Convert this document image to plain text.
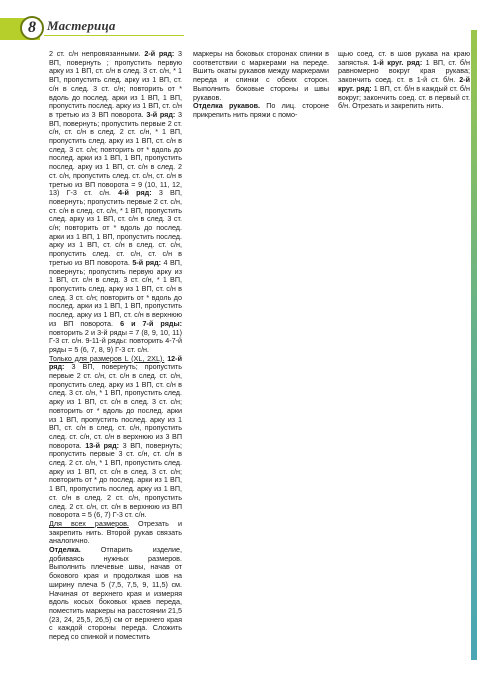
8 Мастерица

2 ст. с/н непровязанными. 2-й ряд: 3 ВП, повернуть ; пропустить первую арку из 1 ВП, ст. с/н в след. 3 ст. с/н, * 1 ВП, пропустить след. арку из 1 ВП, ст. с/н в след. 3 ст. с/н; повторить от * вдоль до послед. арки из 1 ВП, 1 ВП, пропустить послед. арку из 1 ВП, ст. с/н в третью из 3 ВП поворота. 3-й ряд: 3 ВП, повернуть; пропустить первые 2 ст. с/н, ст. с/н в след. 2 ст. с/н, * 1 ВП, пропустить след. арку из 1 ВП, ст. с/н в след. 3 ст. с/н; повторить от * вдоль до послед. арки из 1 ВП, 1 ВП, пропустить послед. арку из 1 ВП, ст. с/н в след. 2 ст. с/н, пропустить след. ст. с/н, ст. с/н в третью из ВП поворота = 9 (10, 11, 12, 13) Г-3 ст. с/н. 4-й ряд: 3 ВП, повернуть; пропустить первые 2 ст. с/н, ст. с/н в след. ст. с/н, * 1 ВП, пропустить след. арку из 1 ВП, ст. с/н в след. 3 ст. с/н; повторить от * вдоль до послед. арки из 1 ВП, 1 ВП, пропустить послед. арку из 1 ВП, ст. с/н в след. ст. с/н, пропустить след. ст. с/н, ст. с/н в третью из ВП поворота. 5-й ряд: 4 ВП, повернуть; пропустить первую арку из 1 ВП, ст. с/н в след. 3 ст. с/н, * 1 ВП, пропустить след. арку из 1 ВП, ст. с/н в след. 3 ст. с/н; повторить от * вдоль до послед. арки из 1 ВП, 1 ВП, пропустить послед. арку из 1 ВП, ст. с/н в верхнюю из ВП поворота. 6 и 7-й ряды: повторить 2 и 3-й ряды = 7 (8, 9, 10, 11) Г-3 ст. с/н. 9-11-й ряды: повторить 4-7-й ряды = 5 (6, 7, 8, 9) Г-3 ст. с/н.

Только для размеров L (XL, 2XL). 12-й ряд: 3 ВП, повернуть; пропустить первые 2 ст. с/н, ст. с/н в след. ст. с/н, пропустить след. арку из 1 ВП, ст. с/н в след. 3 ст. с/н, * 1 ВП, пропустить след. арку из 1 ВП, ст. с/н в след. 3 ст. с/н; повторить от * вдоль до послед. арки из 1 ВП, пропустить послед. арку из 1 ВП, ст. с/н в след. ст. с/н, пропустить след. ст. с/н, ст. с/н в верхнюю из 3 ВП поворота. 13-й ряд: 3 ВП, повернуть; пропустить первые 3 ст. с/н, ст. с/н в след. 2 ст. с/н, * 1 ВП, пропустить след. арку из 1 ВП, ст. с/н в след. 3 ст. с/н; повторить от * до послед. арки из 1 ВП, 1 ВП, пропустить послед. арку из 1 ВП, ст. с/н в след. 2 ст. с/н, пропустить след. 2 ст. с/н, ст. с/н в верхнюю из ВП поворота = 5 (6, 7) Г-3 ст. с/н.

Для всех размеров. Отрезать и закрепить нить. Второй рукав связать аналогично.

Отделка. Отпарить изделие, добиваясь нужных размеров. Выполнить плечевые швы, начав от бокового края и продолжая шов на ширину плеча 5 (7,5, 7,5, 9, 11,5) см. Начиная от верхнего края и измеряя вдоль косых боковых краев переда, поместить маркеры на расстоянии 21,5 (23, 24, 25,5, 26,5) см от верхнего края с каждой стороны переда. Сложить перед со спинкой и поместить

маркеры на боковых сторонах спинки в соответствии с маркерами на переде. Вшить окаты рукавов между маркерами переда и спинки с обеих сторон. Выполнить боковые стороны и швы рукавов.

Отделка рукавов. По лиц. стороне прикрепить нить пряжи с помо-

щью соед. ст. в шов рукава на краю запястья. 1-й круг. ряд: 1 ВП, ст. б/н равномерно вокруг края рукава; закончить соед. ст. в 1-й ст. б/н. 2-й круг. ряд: 1 ВП, ст. б/н в каждый ст. б/н вокруг; закончить соед. ст. в первый ст. б/н. Отрезать и закрепить нить.
